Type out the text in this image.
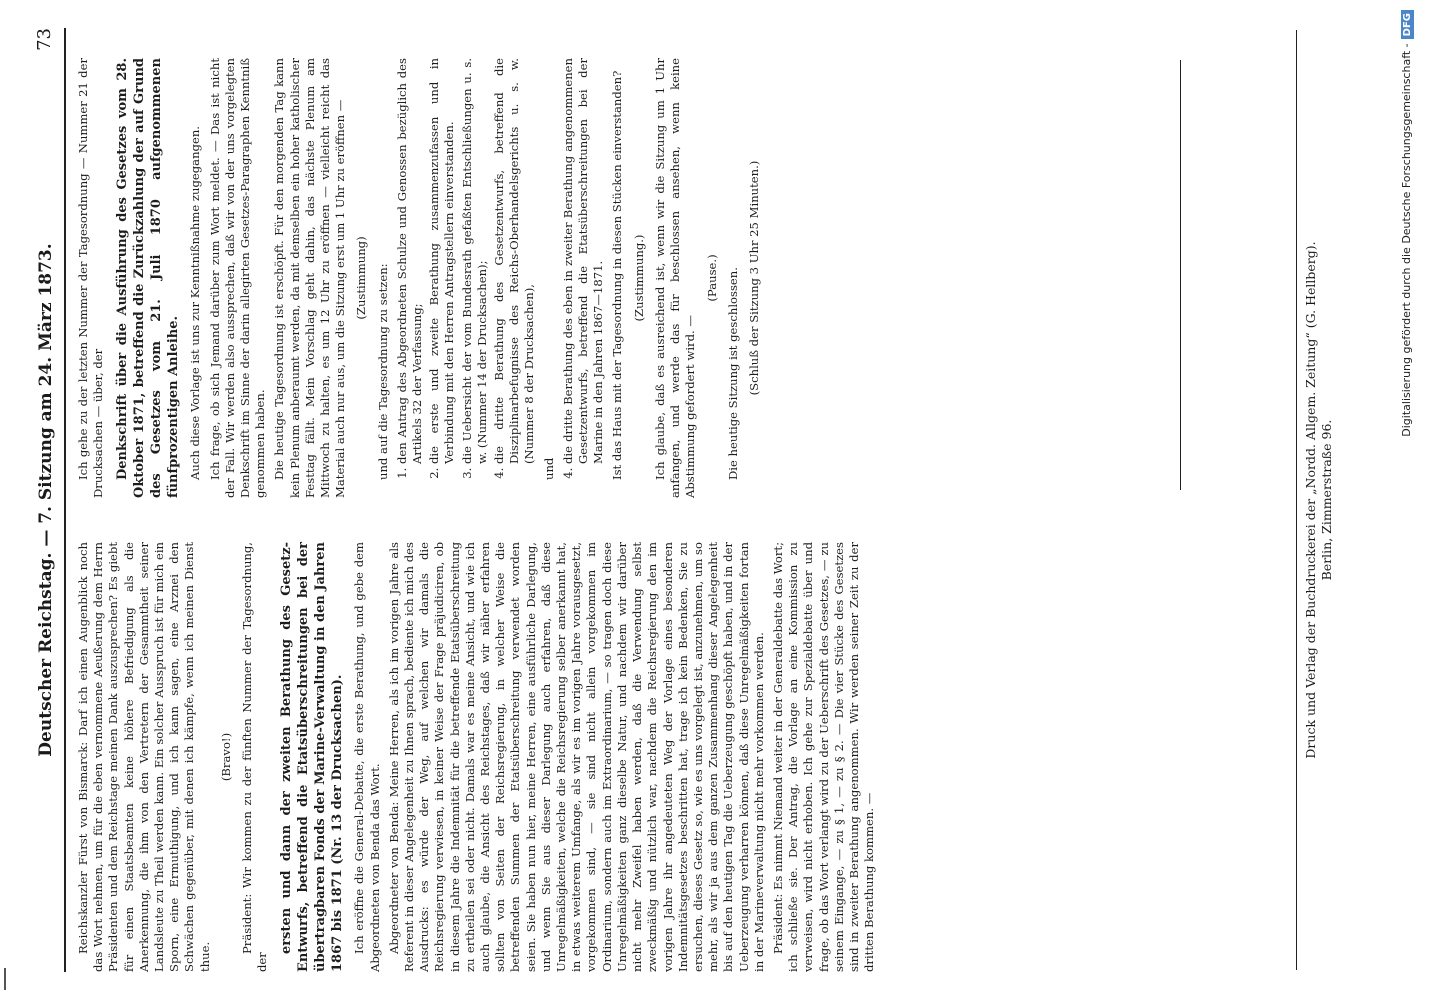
Deutscher Reichstag. — 7. Sitzung am 24. März 1873.
73

Reichskanzler Fürst von Bismarck: Darf ich einen Augenblick noch das Wort nehmen, um für die eben vernommene Aeußerung dem Herrn Präsidenten und dem Reichstage meinen Dank auszusprechen? Es giebt für einen Staatsbeamten keine höhere Befriedigung als die Anerkennung, die ihm von den Vertretern der Gesammtheit seiner Landsleute zu Theil werden kann. Ein solcher Ausspruch ist für mich ein Sporn, eine Ermuthigung, und ich kann sagen, eine Arznei den Schwächen gegenüber, mit denen ich kämpfe, wenn ich meinen Dienst thue.

(Bravo!) Präsident: Wir kommen zu der fünften Nummer der Tagesordnung, der

ersten und dann der zweiten Berathung des Gesetz-Entwurfs, betreffend die Etatsüberschreitungen bei der übertragbaren Fonds der Marine-Verwaltung in den Jahren 1867 bis 1871 (Nr. 13 der Drucksachen). Ich eröffne die General-Debatte, die erste Berathung, und gebe dem Abgeordneten von Benda das Wort. Abgeordneter von Benda: Meine Herren, als ich im vorigen Jahre als Referent in dieser Angelegenheit zu Ihnen sprach, bediente ich mich des Ausdrucks: es würde der Weg, auf welchen wir damals die Reichsregierung verwiesen, in keiner Weise der Frage präjudiciren, ob in diesem Jahre die Indemnität für die betreffende Etatsüberschreitung zu ertheilen sei oder nicht. Damals war es meine Ansicht, und wie ich auch glaube, die Ansicht des Reichstages, daß wir näher erfahren sollten von Seiten der Reichsregierung, in welcher Weise die betreffenden Summen der Etatsüberschreitung verwendet worden seien. Sie haben nun hier, meine Herren, eine ausführliche Darlegung, und wenn Sie aus dieser Darlegung auch erfahren, daß diese Unregelmäßigkeiten, welche die Reichsregierung selber anerkannt hat, in etwas weiterem Umfange, als wir es im vorigen Jahre vorausgesetzt, vorgekommen sind, — sie sind nicht allein vorgekommen im Ordinarium, sondern auch im Extraordinarium, — so tragen doch diese Unregelmäßigkeiten ganz dieselbe Natur, und nachdem wir darüber nicht mehr Zweifel haben werden, daß die Verwendung selbst zweckmäßig und nützlich war, nachdem die Reichsregierung den im vorigen Jahre ihr angedeuteten Weg der Vorlage eines besonderen Indemnitätsgesetzes beschritten hat, trage ich kein Bedenken, Sie zu ersuchen, dieses Gesetz so, wie es uns vorgelegt ist, anzunehmen, um so mehr, als wir ja aus dem ganzen Zusammenhang dieser Angelegenheit bis auf den heutigen Tag die Ueberzeugung geschöpft haben, und in der Ueberzeugung verharren können, daß diese Unregelmäßigkeiten fortan in der Marineverwaltung nicht mehr vorkommen werden. Präsident: Es nimmt Niemand weiter in der Generaldebatte das Wort; ich schließe sie. Der Antrag, die Vorlage an eine Kommission zu verweisen, wird nicht erhoben. Ich gehe zur Spezialdebatte über und frage, ob das Wort verlangt wird zu der Ueberschrift des Gesetzes, — zu seinem Eingange, — zu § 1, — zu § 2. — Die vier Stücke des Gesetzes sind in zweiter Berathung angenommen. Wir werden seiner Zeit zu der dritten Berathung kommen. —

Ich gehe zu der letzten Nummer der Tagesordnung — Nummer 21 der Drucksachen — über, der Denkschrift über die Ausführung des Gesetzes vom 28. Oktober 1871, betreffend die Zurückzahlung der auf Grund des Gesetzes vom 21. Juli 1870 aufgenommenen fünfprozentigen Anleihe. Auch diese Vorlage ist uns zur Kenntnißnahme zugegangen. Ich frage, ob sich Jemand darüber zum Wort meldet. — Das ist nicht der Fall. Wir werden also aussprechen, daß wir von der uns vorgelegten Denkschrift im Sinne der darin allegirten Gesetzes-Paragraphen Kenntniß genommen haben. Die heutige Tagesordnung ist erschöpft. Für den morgenden Tag kann kein Plenum anberaumt werden, da mit demselben ein hoher katholischer Festtag fällt. Mein Vorschlag geht dahin, das nächste Plenum am Mittwoch zu halten, es um 12 Uhr zu eröffnen — vielleicht reicht das Material auch nur aus, um die Sitzung erst um 1 Uhr zu eröffnen — (Zustimmung) und auf die Tagesordnung zu setzen: 1. den Antrag des Abgeordneten Schulze und Genossen bezüglich des Artikels 32 der Verfassung; 2. die erste und zweite Berathung zusammenzufassen und in Verbindung mit den Herren Antragstellern einverstanden. 3. die Uebersicht der vom Bundesrath gefaßten Entschließungen u. s. w. (Nummer 14 der Drucksachen); 4. die dritte Berathung des Gesetzentwurfs, betreffend die Disziplinarbefugnisse des Reichs-Oberhandelsgerichts u. s. w. (Nummer 8 der Drucksachen),

und

4. die dritte Berathung des eben in zweiter Berathung angenommenen Gesetzentwurfs, betreffend die Etatsüberschreitungen bei der Marine in den Jahren 1867—1871. Ist das Haus mit der Tagesordnung in diesen Stücken einverstanden? (Zustimmung.) Ich glaube, daß es ausreichend ist, wenn wir die Sitzung um 1 Uhr anfangen, und werde das für beschlossen ansehen, wenn keine Abstimmung gefordert wird. —

(Pause.) Die heutige Sitzung ist geschlossen. (Schluß der Sitzung 3 Uhr 25 Minuten.)	Druck und Verlag der Buchdruckerei der „Nordd. Allgem. Zeitung“ (G. Hellberg). Berlin, Zimmerstraße 96.
Digitalisierung gefördert durch die Deutsche Forschungsgemeinschaft -DFG
